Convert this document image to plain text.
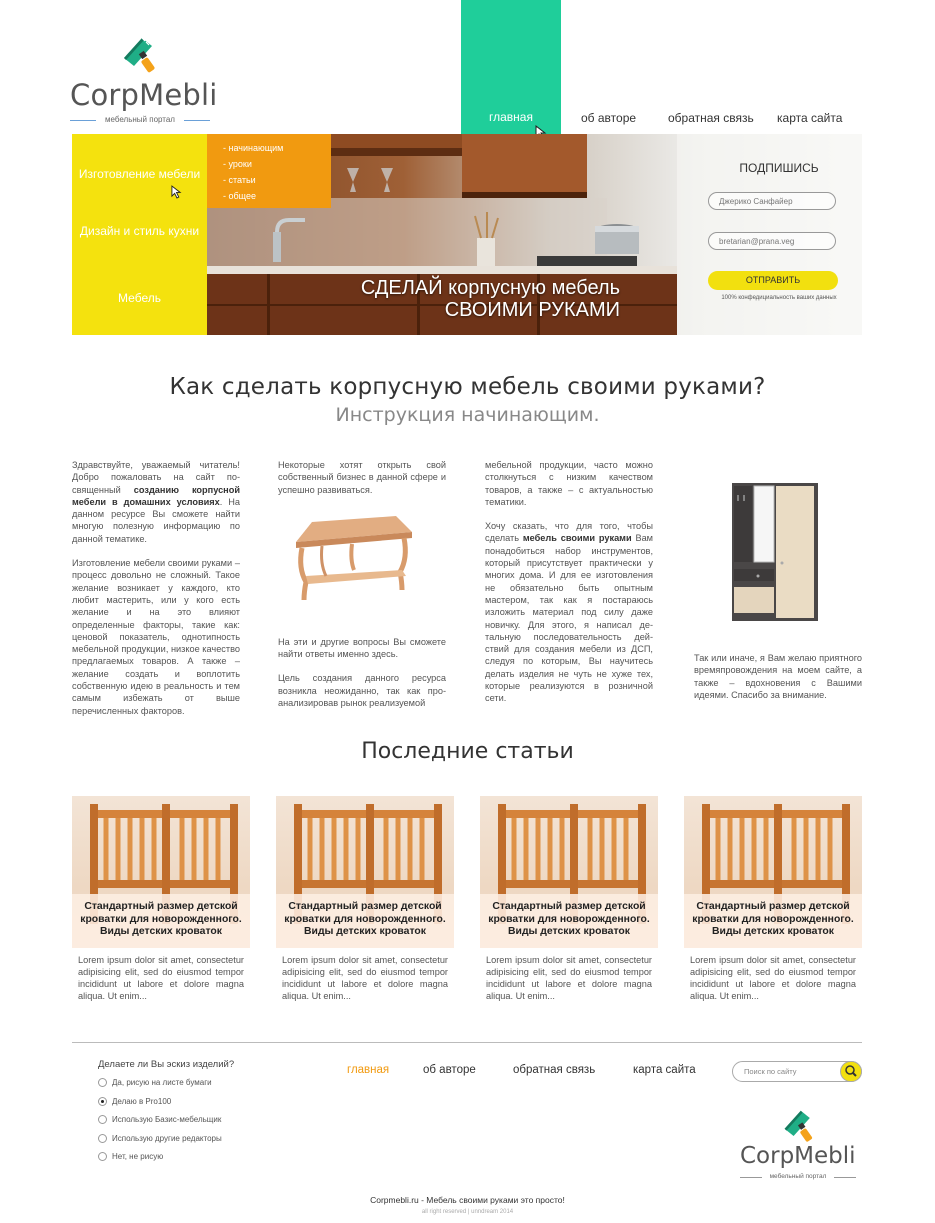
CorpMebli
мебельный портал	главная	об авторе	обратная связь карта сайта
Изготовление мебели
Дизайн и стиль кухни
Мебель
- начинающим
- уроки
- статьи
- общее
СДЕЛАЙ корпусную мебель
СВОИМИ РУКАМИ
ПОДПИШИСЬ
Джерико Санфайер
bretarian@prana.veg
ОТПРАВИТЬ
100% конфедициальность ваших данных
Как сделать корпусную мебель своими руками?
Инструкция начинающим.

Здравствуйте, уважаемый читатель! Добро пожаловать на сайт посвященный созданию корпусной мебели в домашних условиях. На данном ресурсе Вы сможете найти многую полезную информацию по данной тематике.

Изготовление мебели своими руками – процесс довольно не сложный. Такое желание возникает у каждого, кто любит мастерить, или у кого есть желание и на это влияют определенные факторы, такие как: ценовой показатель, однотипность мебельной продукции, низкое качество предлагаемых товаров. А также – желание создать и воплотить собственную идею в реальность и тем самым избежать от выше перечисленных факторов.

Некоторые хотят открыть свой собственный бизнес в данной сфере и успешно развиваться.

На эти и другие вопросы Вы сможете найти ответы именно здесь.

Цель создания данного ресурса возникла неожиданно, так как проанализировав рынок реализуемой

мебельной продукции, часто можно столкнуться с низким качеством товаров, а также – с актуальностью тематики.

Хочу сказать, что для того, чтобы сделать мебель своими руками Вам понадобиться набор инструментов, который присутствует практически у многих дома. И для ее изготовления не обязательно быть опытным мастером, так как я постараюсь изложить материал под силу даже новичку. Для этого, я написал детальную последовательность действий для создания мебели из ДСП, следуя по которым, Вы научитесь делать изделия не чуть не хуже тех, которые реализуются в розничной сети.

Так или иначе, я Вам желаю приятного времяпровождения на моем сайте, а также – вдохновения с Вашими идеями. Спасибо за внимание.

Последние статьи
Стандартный размер детской кроватки для новорожденного. Виды детских кроваток
Lorem ipsum dolor sit amet, consectetur adipisicing elit, sed do eiusmod tempor incididunt ut labore et dolore magna aliqua. Ut enim...
Стандартный размер детской кроватки для новорожденного. Виды детских кроваток
Lorem ipsum dolor sit amet, consectetur adipisicing elit, sed do eiusmod tempor incididunt ut labore et dolore magna aliqua. Ut enim...
Стандартный размер детской кроватки для новорожденного. Виды детских кроваток
Lorem ipsum dolor sit amet, consectetur adipisicing elit, sed do eiusmod tempor incididunt ut labore et dolore magna aliqua. Ut enim...
Стандартный размер детской кроватки для новорожденного. Виды детских кроваток
Lorem ipsum dolor sit amet, consectetur adipisicing elit, sed do eiusmod tempor incididunt ut labore et dolore magna aliqua. Ut enim...
Делаете ли Вы эскиз изделий?
Да, рисую на листе бумаги
Делаю в Pro100
Использую Базис-мебельщик
Использую другие редакторы
Нет, не рисую
главная	об авторе	обратная связь	карта сайта	Поиск по сайту
CorpMebli
мебельный портал
Corpmebli.ru - Мебель своими руками это просто!
all right reserved | unndream 2014
